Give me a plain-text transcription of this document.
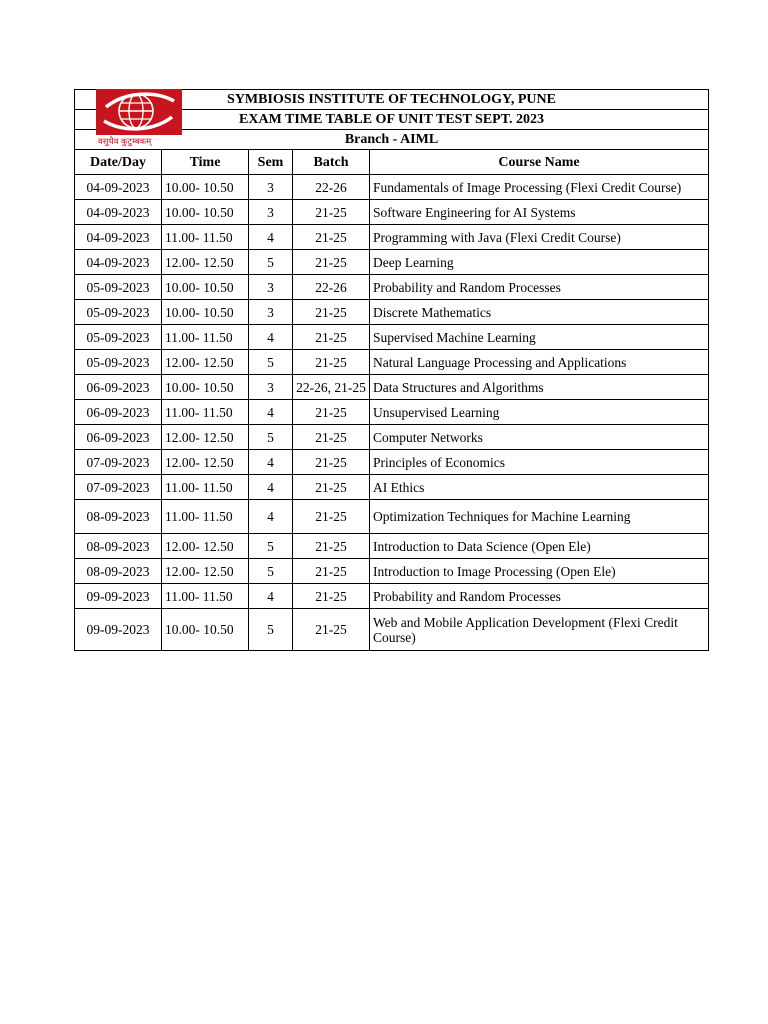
SYMBIOSIS INSTITUTE OF TECHNOLOGY, PUNE				
EXAM TIME TABLE OF UNIT TEST SEPT. 2023				
Branch - AIML				
Date/Day	Time	Sem	Batch	Course Name
04-09-2023	10.00- 10.50	3	22-26	Fundamentals of Image Processing (Flexi Credit Course)
04-09-2023	10.00- 10.50	3	21-25	Software Engineering for AI Systems
04-09-2023	11.00- 11.50	4	21-25	Programming with Java (Flexi Credit Course)
04-09-2023	12.00- 12.50	5	21-25	Deep Learning
05-09-2023	10.00- 10.50	3	22-26	Probability and Random Processes
05-09-2023	10.00- 10.50	3	21-25	Discrete Mathematics
05-09-2023	11.00- 11.50	4	21-25	Supervised Machine Learning
05-09-2023	12.00- 12.50	5	21-25	Natural Language Processing and Applications
06-09-2023	10.00- 10.50	3	22-26, 21-25	Data Structures and Algorithms
06-09-2023	11.00- 11.50	4	21-25	Unsupervised Learning
06-09-2023	12.00- 12.50	5	21-25	Computer Networks
07-09-2023	12.00- 12.50	4	21-25	Principles of Economics
07-09-2023	11.00- 11.50	4	21-25	AI Ethics
08-09-2023	11.00- 11.50	4	21-25	Optimization Techniques for Machine Learning
08-09-2023	12.00- 12.50	5	21-25	Introduction to Data Science (Open Ele)
08-09-2023	12.00- 12.50	5	21-25	Introduction to Image Processing (Open Ele)
09-09-2023	11.00- 11.50	4	21-25	Probability and Random Processes
09-09-2023	10.00- 10.50	5	21-25	Web and Mobile Application Development (Flexi Credit Course)
वसुधैव कुटुम्बकम्
